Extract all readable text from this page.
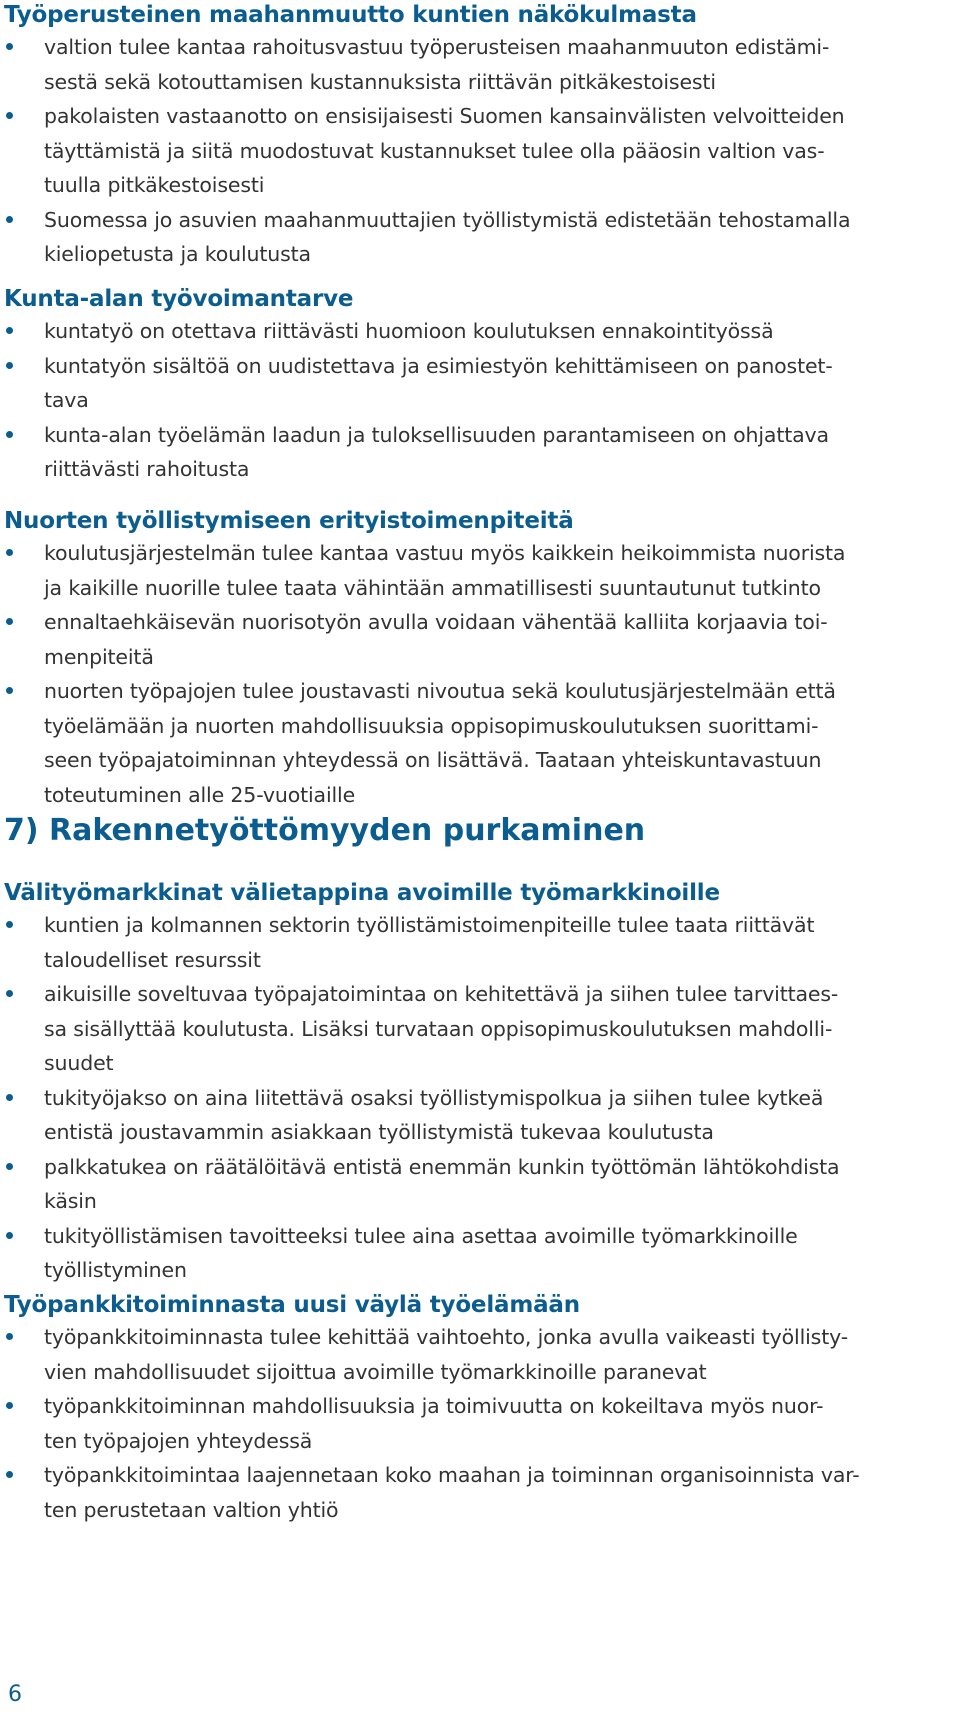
Työperusteinen maahanmuutto kuntien näkökulmasta
valtion tulee kantaa rahoitusvastuu työperusteisen maahanmuuton edistämi-
sestä sekä kotouttamisen kustannuksista riittävän pitkäkestoisesti
pakolaisten vastaanotto on ensisijaisesti Suomen kansainvälisten velvoitteiden
täyttämistä ja siitä muodostuvat kustannukset tulee olla pääosin valtion vas-
tuulla pitkäkestoisesti
Suomessa jo asuvien maahanmuuttajien työllistymistä edistetään tehostamalla
kieliopetusta ja koulutusta
Kunta-alan työvoimantarve
kuntatyö on otettava riittävästi huomioon koulutuksen ennakointityössä
kuntatyön sisältöä on uudistettava ja esimiestyön kehittämiseen on panostet-
tava
kunta-alan työelämän laadun ja tuloksellisuuden parantamiseen on ohjattava
riittävästi rahoitusta
Nuorten työllistymiseen erityistoimenpiteitä
koulutusjärjestelmän tulee kantaa vastuu myös kaikkein heikoimmista nuorista
ja kaikille nuorille tulee taata vähintään ammatillisesti suuntautunut tutkinto
ennaltaehkäisevän nuorisotyön avulla voidaan vähentää kalliita korjaavia toi-
menpiteitä
nuorten työpajojen tulee joustavasti nivoutua sekä koulutusjärjestelmään että
työelämään ja nuorten mahdollisuuksia oppisopimuskoulutuksen suorittami-
seen työpajatoiminnan yhteydessä on lisättävä. Taataan yhteiskuntavastuun
toteutuminen alle 25-vuotiaille
7) Rakennetyöttömyyden purkaminen
Välityömarkkinat välietappina avoimille työmarkkinoille
kuntien ja kolmannen sektorin työllistämistoimenpiteille tulee taata riittävät
taloudelliset resurssit
aikuisille soveltuvaa työpajatoimintaa on kehitettävä ja siihen tulee tarvittaes-
sa sisällyttää koulutusta. Lisäksi turvataan oppisopimuskoulutuksen mahdolli-
suudet
tukityöjakso on aina liitettävä osaksi työllistymispolkua ja siihen tulee kytkeä
entistä joustavammin asiakkaan työllistymistä tukevaa koulutusta
palkkatukea on räätälöitävä entistä enemmän kunkin työttömän lähtökohdista
käsin
tukityöllistämisen tavoitteeksi tulee aina asettaa avoimille työmarkkinoille
työllistyminen
Työpankkitoiminnasta uusi väylä työelämään
työpankkitoiminnasta tulee kehittää vaihtoehto, jonka avulla vaikeasti työllisty-
vien mahdollisuudet sijoittua avoimille työmarkkinoille paranevat
työpankkitoiminnan mahdollisuuksia ja toimivuutta on kokeiltava myös nuor-
ten työpajojen yhteydessä
työpankkitoimintaa laajennetaan koko maahan ja toiminnan organisoinnista var-
ten perustetaan valtion yhtiö
6
